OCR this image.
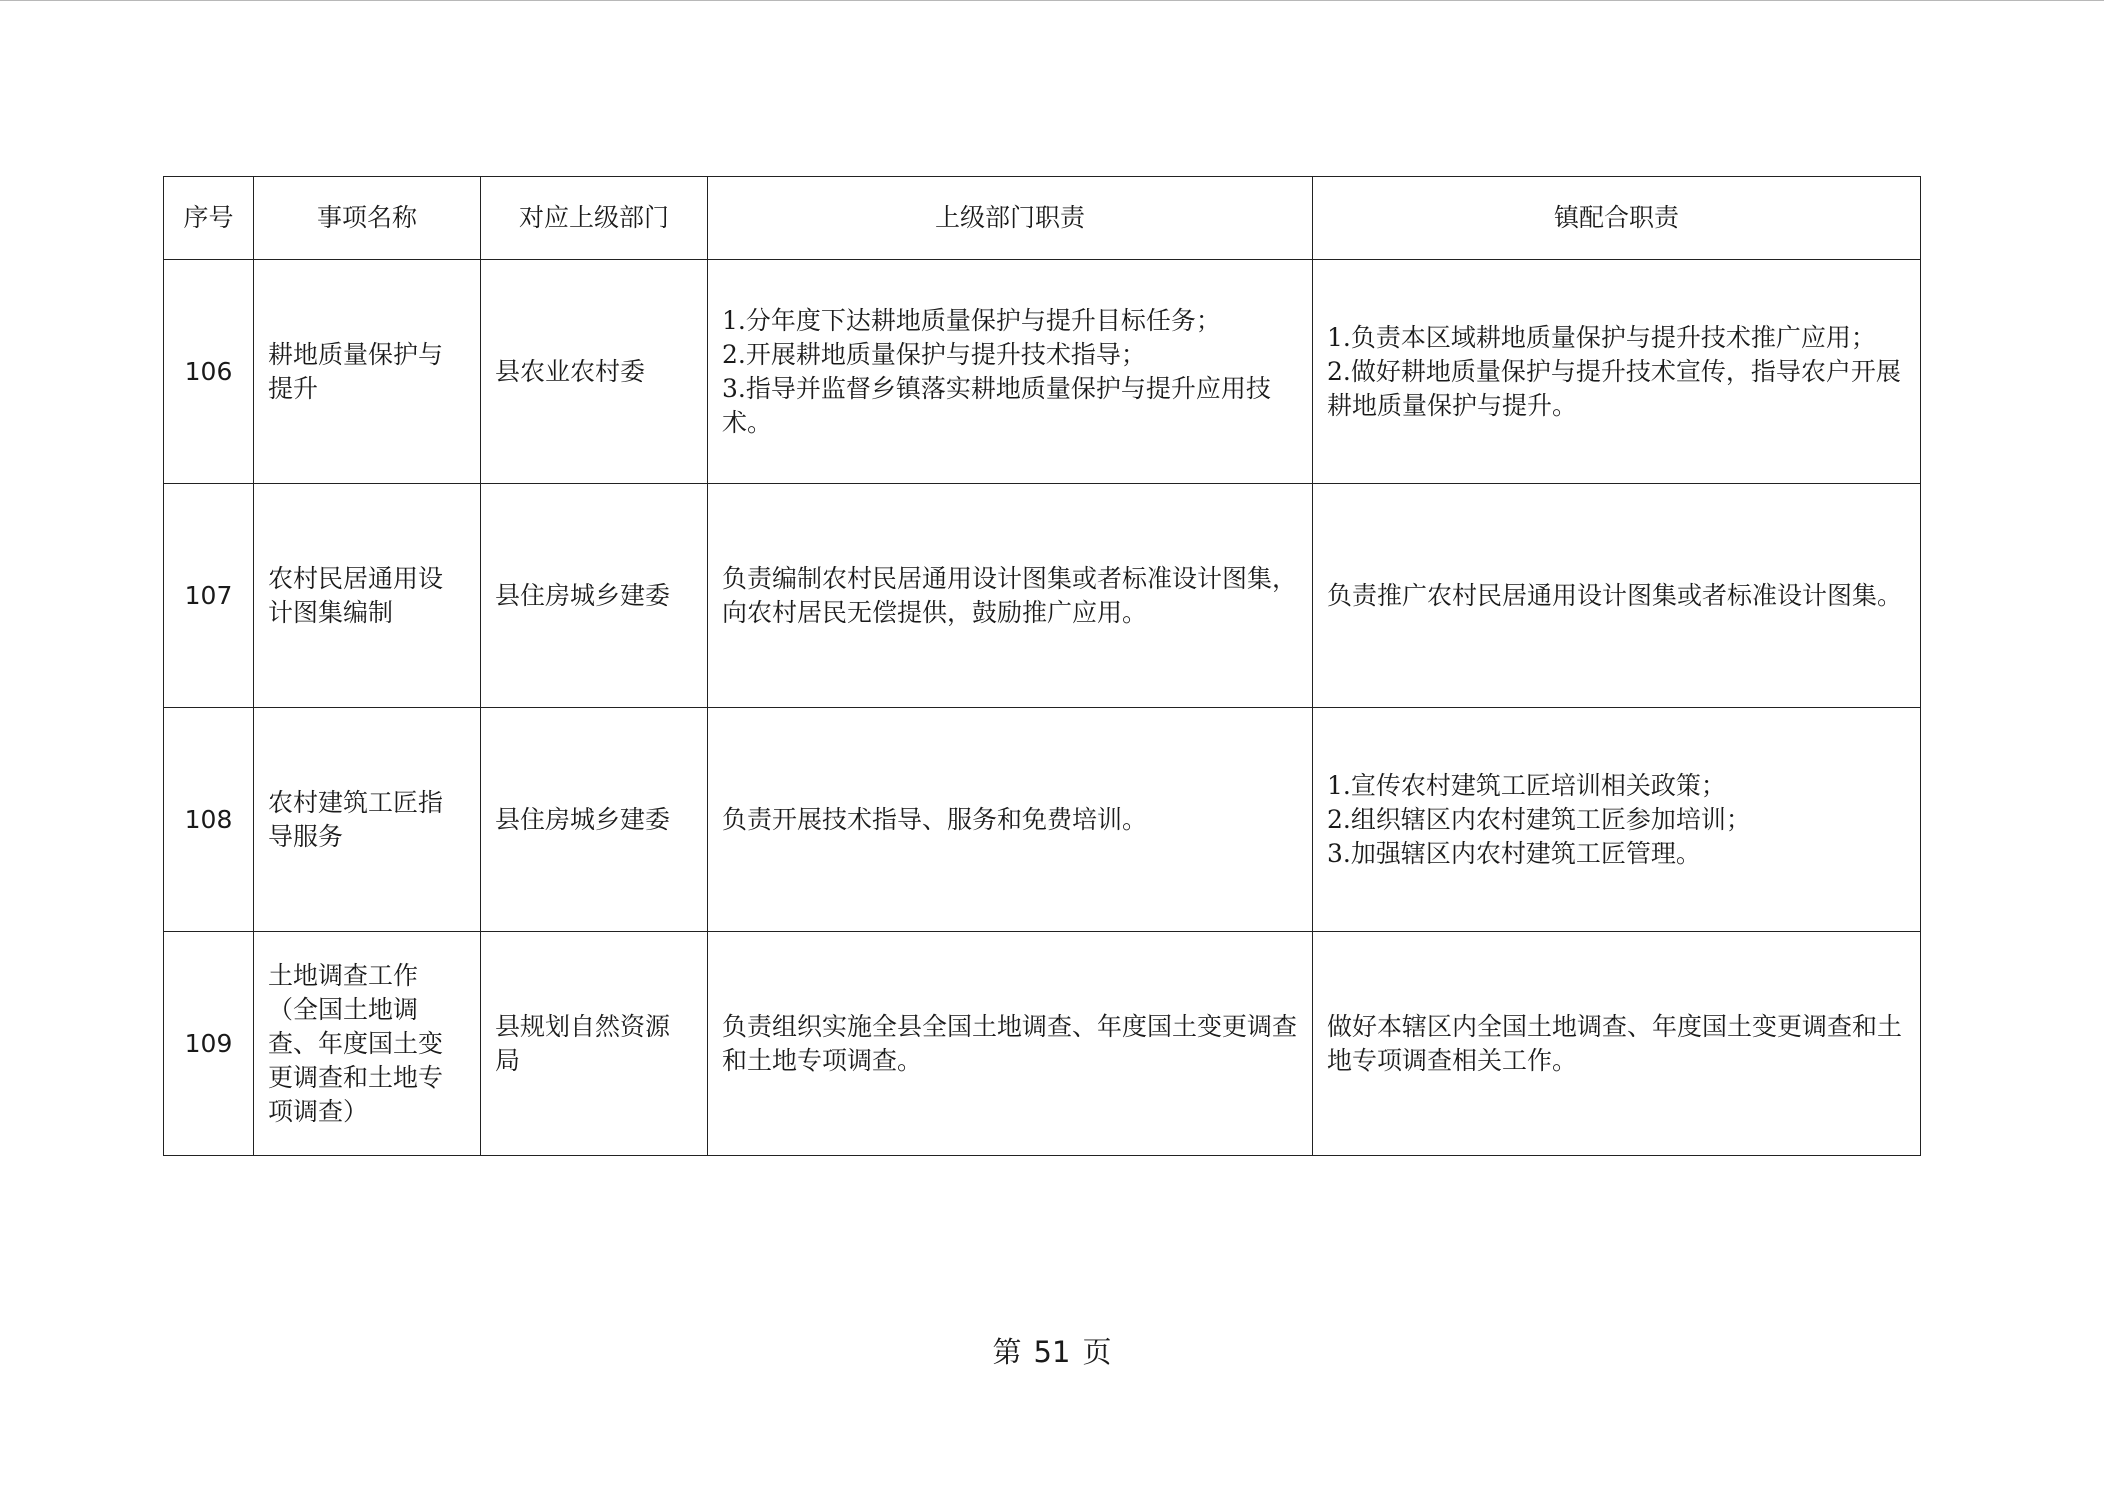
序号	事项名称	对应上级部门	上级部门职责	镇配合职责
106	耕地质量保护与提升	县农业农村委	1.分年度下达耕地质量保护与提升目标任务；
2.开展耕地质量保护与提升技术指导；
3.指导并监督乡镇落实耕地质量保护与提升应用技术。	1.负责本区域耕地质量保护与提升技术推广应用；
2.做好耕地质量保护与提升技术宣传，指导农户开展耕地质量保护与提升。

107	农村民居通用设计图集编制	县住房城乡建委	负责编制农村民居通用设计图集或者标准设计图集，向农村居民无偿提供，鼓励推广应用。	负责推广农村民居通用设计图集或者标准设计图集。

108	农村建筑工匠指导服务	县住房城乡建委	负责开展技术指导、服务和免费培训。	1.宣传农村建筑工匠培训相关政策；
2.组织辖区内农村建筑工匠参加培训；
3.加强辖区内农村建筑工匠管理。

109	土地调查工作（全国土地调查、年度国土变更调查和土地专项调查）	县规划自然资源局	负责组织实施全县全国土地调查、年度国土变更调查和土地专项调查。	做好本辖区内全国土地调查、年度国土变更调查和土地专项调查相关工作。
第 51 页
